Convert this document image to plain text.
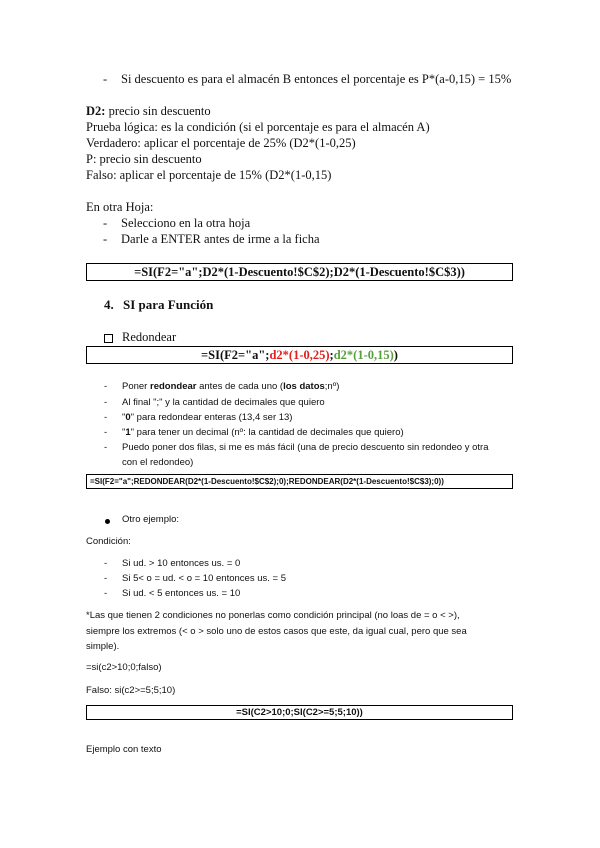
- Si descuento es para el almacén B entonces el porcentaje es P*(a-0,15) = 15%
D2: precio sin descuento
Prueba lógica: es la condición (si el porcentaje es para el almacén A)
Verdadero: aplicar el porcentaje de 25% (D2*(1-0,25)
P: precio sin descuento
Falso: aplicar el porcentaje de 15% (D2*(1-0,15)
En otra Hoja:
- Selecciono en la otra hoja
- Darle a ENTER antes de irme a la ficha
=SI(F2="a";D2*(1-Descuento!$C$2);D2*(1-Descuento!$C$3))
4. SI para Función
Redondear
=SI(F2="a";d2*(1-0,25);d2*(1-0,15))
- Poner redondear antes de cada uno (los datos;nº)
- Al final ";" y la cantidad de decimales que quiero
- "0" para redondear enteras (13,4 ser 13)
- "1" para tener un decimal (nº: la cantidad de decimales que quiero)
- Puedo poner dos filas, si me es más fácil (una de precio descuento sin redondeo y otra
con el redondeo)
=SI(F2="a";REDONDEAR(D2*(1-Descuento!$C$2);0);REDONDEAR(D2*(1-Descuento!$C$3);0))
Otro ejemplo:
Condición:
- Si ud. > 10 entonces us. = 0
- Si 5< o = ud. < o = 10 entonces us. = 5
- Si ud. < 5 entonces us. = 10
*Las que tienen 2 condiciones no ponerlas como condición principal (no loas de = o < >),
siempre los extremos (< o > solo uno de estos casos que este, da igual cual, pero que sea
simple).
=si(c2>10;0;falso)
Falso: si(c2>=5;5;10)
=SI(C2>10;0;SI(C2>=5;5;10))
Ejemplo con texto
